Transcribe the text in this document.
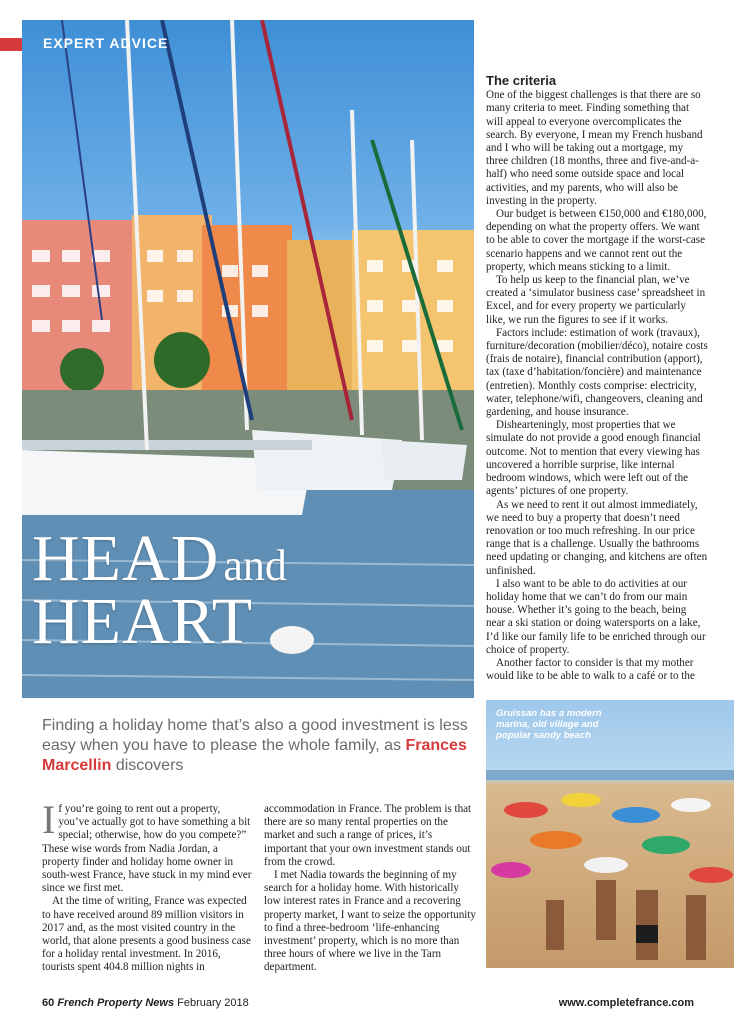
EXPERT ADVICE
HEAD and
HEART
The criteria

One of the biggest challenges is that there are so many criteria to meet. Finding something that will appeal to everyone overcomplicates the search. By everyone, I mean my French husband and I who will be taking out a mortgage, my three children (18 months, three and five-and-a-half) who need some outside space and local activities, and my parents, who will also be investing in the property.

Our budget is between €150,000 and €180,000, depending on what the property offers. We want to be able to cover the mortgage if the worst-case scenario happens and we cannot rent out the property, which means sticking to a limit.

To help us keep to the financial plan, we’ve created a ‘simulator business case’ spreadsheet in Excel, and for every property we particularly like, we run the figures to see if it works.

Factors include: estimation of work (travaux), furniture/decoration (mobilier/déco), notaire costs (frais de notaire), financial contribution (apport), tax (taxe d’habitation/foncière) and maintenance (entretien). Monthly costs comprise: electricity, water, telephone/wifi, changeovers, cleaning and gardening, and house insurance.

Dishearteningly, most properties that we simulate do not provide a good enough financial outcome. Not to mention that every viewing has uncovered a horrible surprise, like internal bedroom windows, which were left out of the agents’ pictures of one property.

As we need to rent it out almost immediately, we need to buy a property that doesn’t need renovation or too much refreshing. In our price range that is a challenge. Usually the bathrooms need updating or changing, and kitchens are often unfinished.

I also want to be able to do activities at our holiday home that we can’t do from our main house. Whether it’s going to the beach, being near a ski station or doing watersports on a lake, I’d like our family life to be enriched through our choice of property.

Another factor to consider is that my mother would like to be able to walk to a café or to the

Finding a holiday home that’s also a good investment is less easy when you have to please the whole family, as Frances Marcellin discovers

If you’re going to rent out a property, you’ve actually got to have something a bit special; otherwise, how do you compete?” These wise words from Nadia Jordan, a property finder and holiday home owner in south-west France, have stuck in my mind ever since we first met.

At the time of writing, France was expected to have received around 89 million visitors in 2017 and, as the most visited country in the world, that alone presents a good business case for a holiday rental investment. In 2016, tourists spent 404.8 million nights in

accommodation in France. The problem is that there are so many rental properties on the market and such a range of prices, it’s important that your own investment stands out from the crowd.

I met Nadia towards the beginning of my search for a holiday home. With historically low interest rates in France and a recovering property market, I want to seize the opportunity to find a three-bedroom ‘life-enhancing investment’ property, which is no more than three hours of where we live in the Tarn department.

Gruissan has a modern marina, old village and popular sandy beach
60 French Property News February 2018	www.completefrance.com
